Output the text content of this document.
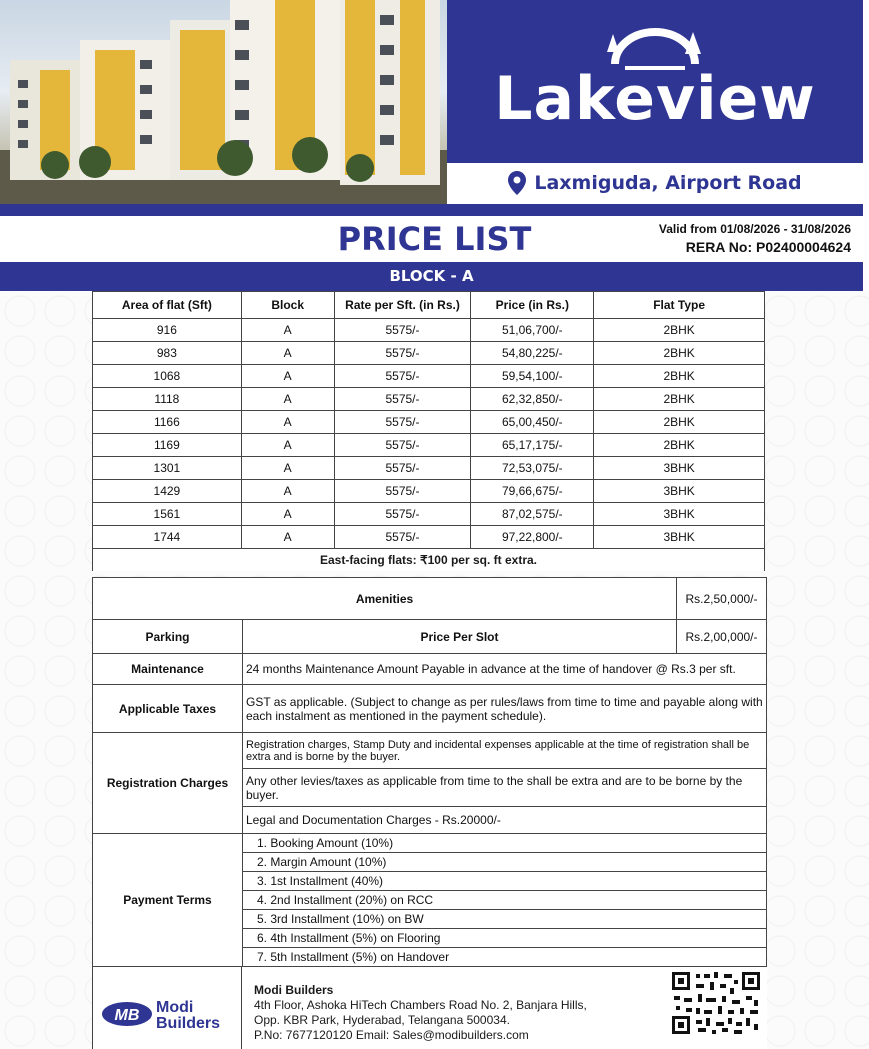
Lakeview
Laxmiguda, Airport Road
PRICE LIST	Valid from 01/08/2026 - 31/08/2026
RERA No: P02400004624
BLOCK - A
Area of flat (Sft)	Block	Rate per Sft. (in Rs.)	Price (in Rs.)	Flat Type
916	A	5575/-	51,06,700/-	2BHK
983	A	5575/-	54,80,225/-	2BHK
1068	A	5575/-	59,54,100/-	2BHK
1118	A	5575/-	62,32,850/-	2BHK
1166	A	5575/-	65,00,450/-	2BHK
1169	A	5575/-	65,17,175/-	2BHK
1301	A	5575/-	72,53,075/-	3BHK
1429	A	5575/-	79,66,675/-	3BHK
1561	A	5575/-	87,02,575/-	3BHK
1744	A	5575/-	97,22,800/-	3BHK
East-facing flats: ₹100 per sq. ft extra.
Amenities		Rs.2,50,000/-
Parking	Price Per Slot	Rs.2,00,000/-
Maintenance	24 months Maintenance Amount Payable in advance at the time of handover @ Rs.3 per sft.	
Applicable Taxes	GST as applicable. (Subject to change as per rules/laws from time to time and payable along with each instalment as mentioned in the payment schedule).	
Registration Charges	Registration charges, Stamp Duty and incidental expenses applicable at the time of registration shall be extra and is borne by the buyer.	
	Any other levies/taxes as applicable from time to the shall be extra and are to be borne by the buyer.	
	Legal and Documentation Charges - Rs.20000/-	
Payment Terms	1. Booking Amount (10%)	
	2. Margin Amount (10%)	
	3. 1st Installment (40%)	
	4. 2nd Installment (20%) on RCC	
	5. 3rd Installment (10%) on BW	
	6. 4th Installment (5%) on Flooring	
	7. 5th Installment (5%) on Handover	
MB Modi
Builders
Modi Builders
4th Floor, Ashoka HiTech Chambers Road No. 2, Banjara Hills,
Opp. KBR Park, Hyderabad, Telangana 500034.
P.No: 7677120120 Email: Sales@modibuilders.com
